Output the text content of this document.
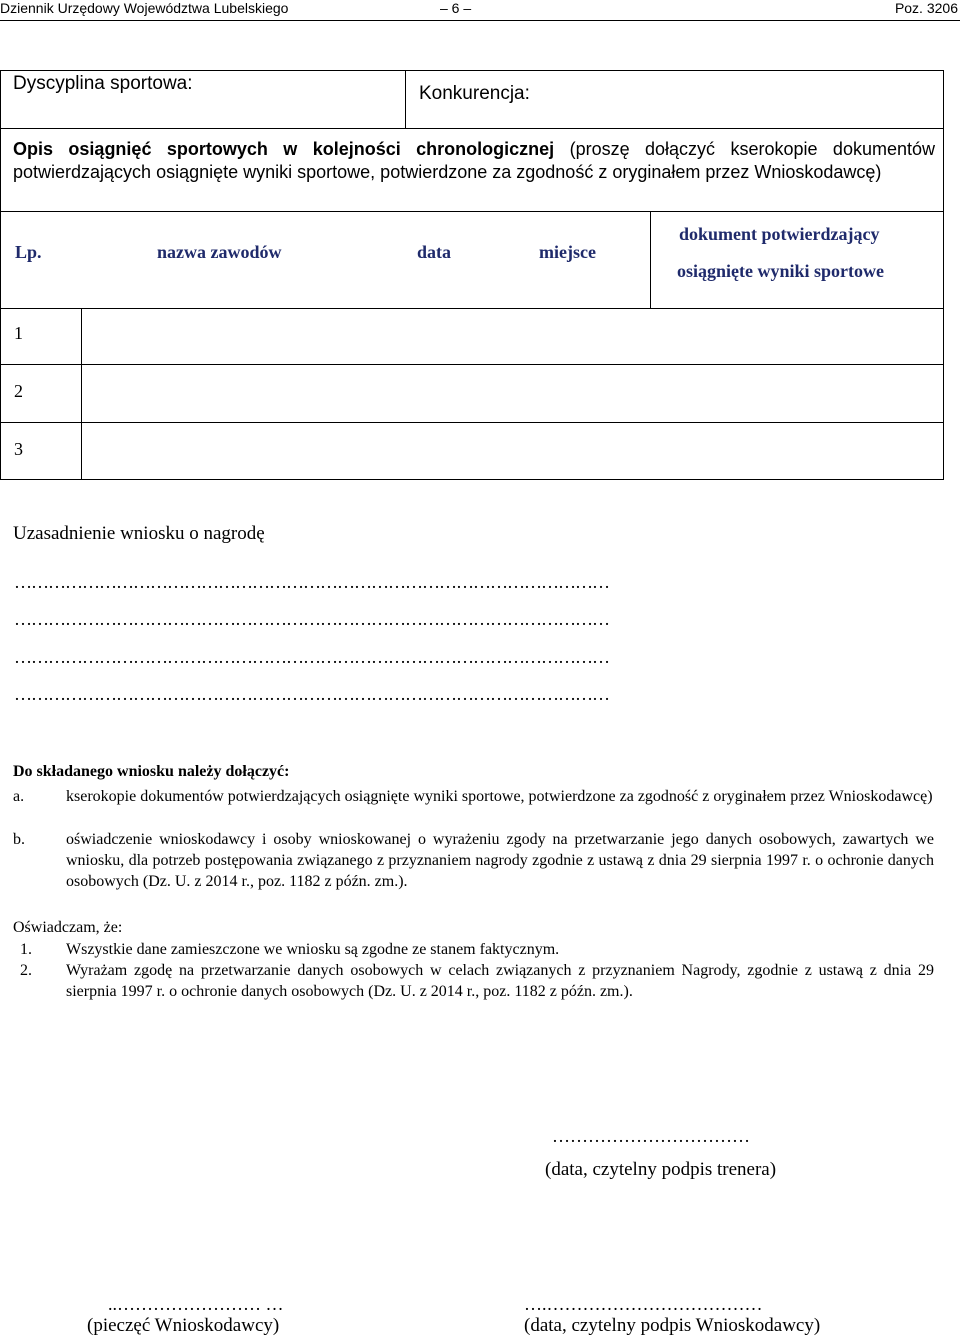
Dziennik Urzędowy Województwa Lubelskiego	– 6 –	Poz. 3206
Dyscyplina sportowa:	Konkurencja:
Opis osiągnięć sportowych w kolejności chronologicznej (proszę dołączyć kserokopie dokumentów potwierdzających osiągnięte wyniki sportowe, potwierdzone za zgodność z oryginałem przez Wnioskodawcę)
Lp.	nazwa zawodów	data	miejsce
dokument potwierdzający
osiągnięte wyniki sportowe
1
2
3
Uzasadnienie wniosku o nagrodę
……………………………………………………………………………………………
……………………………………………………………………………………………
……………………………………………………………………………………………
……………………………………………………………………………………………
Do składanego wniosku należy dołączyć:
a.	kserokopie dokumentów potwierdzających osiągnięte wyniki sportowe, potwierdzone za zgodność z oryginałem przez Wnioskodawcę)
b.	oświadczenie wnioskodawcy i osoby wnioskowanej o wyrażeniu zgody na przetwarzanie jego danych osobowych, zawartych we wniosku, dla potrzeb postępowania związanego z przyznaniem nagrody zgodnie z ustawą z dnia 29 sierpnia 1997 r. o ochronie danych osobowych (Dz. U. z 2014 r., poz. 1182 z późn. zm.).
Oświadczam, że:
1. Wszystkie dane zamieszczone we wniosku są zgodne ze stanem faktycznym.
2. Wyrażam zgodę na przetwarzanie danych osobowych w celach związanych z przyznaniem Nagrody, zgodnie z ustawą z dnia 29 sierpnia 1997 r. o ochronie danych osobowych (Dz. U. z 2014 r., poz. 1182 z późn. zm.).
……………………………
(data, czytelny podpis trenera)
..…………………… …
(pieczęć Wnioskodawcy)
….………………………………
(data, czytelny podpis Wnioskodawcy)
